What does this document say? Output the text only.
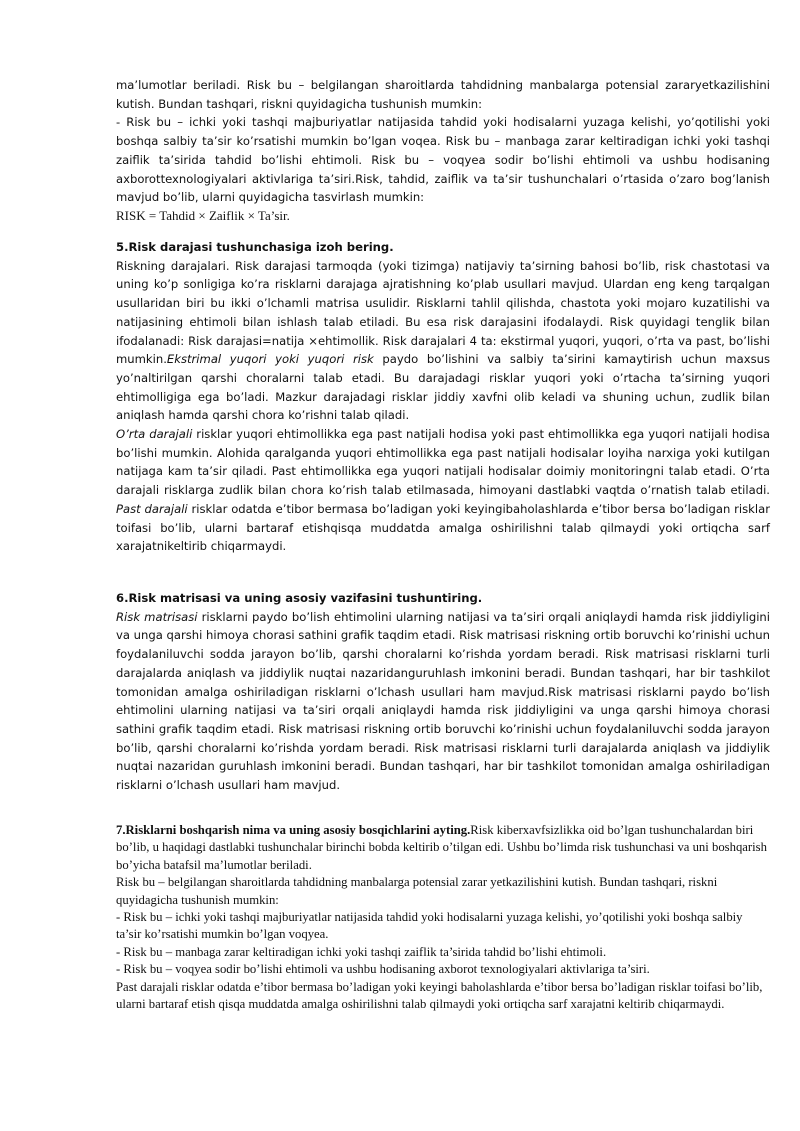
ma’lumotlar beriladi. Risk bu – belgilangan sharoitlarda tahdidning manbalarga potensial zararyetkazilishini kutish. Bundan tashqari, riskni quyidagicha tushunish mumkin:

- Risk bu – ichki yoki tashqi majburiyatlar natijasida tahdid yoki hodisalarni yuzaga kelishi, yo’qotilishi yoki boshqa salbiy ta’sir ko’rsatishi mumkin bo’lgan voqea. Risk bu – manbaga zarar keltiradigan ichki yoki tashqi zaiflik ta’sirida tahdid bo’lishi ehtimoli. Risk bu – voqyea sodir bo’lishi ehtimoli va ushbu hodisaning axborottexnologiyalari aktivlariga ta’siri.Risk, tahdid, zaiflik va ta’sir tushunchalari o’rtasida o’zaro bog’lanish mavjud bo’lib, ularni quyidagicha tasvirlash mumkin:

RISK = Tahdid × Zaiflik × Ta’sir.

5.Risk darajasi tushunchasiga izoh bering.

Riskning darajalari. Risk darajasi tarmoqda (yoki tizimga) natijaviy ta’sirning bahosi bo’lib, risk chastotasi va uning ko’p sonligiga ko’ra risklarni darajaga ajratishning ko’plab usullari mavjud. Ulardan eng keng tarqalgan usullaridan biri bu ikki o’lchamli matrisa usulidir. Risklarni tahlil qilishda, chastota yoki mojaro kuzatilishi va natijasining ehtimoli bilan ishlash talab etiladi. Bu esa risk darajasini ifodalaydi. Risk quyidagi tenglik bilan ifodalanadi: Risk darajasi=natija ×ehtimollik. Risk darajalari 4 ta: ekstirmal yuqori, yuqori, o’rta va past, bo’lishi mumkin.Ekstrimal yuqori yoki yuqori risk paydo bo’lishini va salbiy ta’sirini kamaytirish uchun maxsus yo’naltirilgan qarshi choralarni talab etadi. Bu darajadagi risklar yuqori yoki o’rtacha ta’sirning yuqori ehtimolligiga ega bo’ladi. Mazkur darajadagi risklar jiddiy xavfni olib keladi va shuning uchun, zudlik bilan aniqlash hamda qarshi chora ko’rishni talab qiladi.

O’rta darajali risklar yuqori ehtimollikka ega past natijali hodisa yoki past ehtimollikka ega yuqori natijali hodisa bo’lishi mumkin. Alohida qaralganda yuqori ehtimollikka ega past natijali hodisalar loyiha narxiga yoki kutilgan natijaga kam ta’sir qiladi. Past ehtimollikka ega yuqori natijali hodisalar doimiy monitoringni talab etadi. O’rta darajali risklarga zudlik bilan chora ko’rish talab etilmasada, himoyani dastlabki vaqtda o’rnatish talab etiladi. Past darajali risklar odatda e’tibor bermasa bo’ladigan yoki keyingibaholashlarda e’tibor bersa bo’ladigan risklar toifasi bo’lib, ularni bartaraf etishqisqa muddatda amalga oshirilishni talab qilmaydi yoki ortiqcha sarf xarajatnikeltirib chiqarmaydi.

6.Risk matrisasi va uning asosiy vazifasini tushuntiring.

Risk matrisasi risklarni paydo bo’lish ehtimolini ularning natijasi va ta’siri orqali aniqlaydi hamda risk jiddiyligini va unga qarshi himoya chorasi sathini grafik taqdim etadi. Risk matrisasi riskning ortib boruvchi ko’rinishi uchun foydalaniluvchi sodda jarayon bo’lib, qarshi choralarni ko’rishda yordam beradi. Risk matrisasi risklarni turli darajalarda aniqlash va jiddiylik nuqtai nazaridanguruhlash imkonini beradi. Bundan tashqari, har bir tashkilot tomonidan amalga oshiriladigan risklarni o’lchash usullari ham mavjud.Risk matrisasi risklarni paydo bo’lish ehtimolini ularning natijasi va ta’siri orqali aniqlaydi hamda risk jiddiyligini va unga qarshi himoya chorasi sathini grafik taqdim etadi. Risk matrisasi riskning ortib boruvchi ko’rinishi uchun foydalaniluvchi sodda jarayon bo’lib, qarshi choralarni ko’rishda yordam beradi. Risk matrisasi risklarni turli darajalarda aniqlash va jiddiylik nuqtai nazaridan guruhlash imkonini beradi. Bundan tashqari, har bir tashkilot tomonidan amalga oshiriladigan risklarni o’lchash usullari ham mavjud.

7.Risklarni boshqarish nima va uning asosiy bosqichlarini ayting.Risk kiberxavfsizlikka oid bo’lgan tushunchalardan biri bo’lib, u haqidagi dastlabki tushunchalar birinchi bobda keltirib o’tilgan edi. Ushbu bo’limda risk tushunchasi va uni boshqarish bo’yicha batafsil ma’lumotlar beriladi.

Risk bu – belgilangan sharoitlarda tahdidning manbalarga potensial zarar yetkazilishini kutish. Bundan tashqari, riskni quyidagicha tushunish mumkin:

- Risk bu – ichki yoki tashqi majburiyatlar natijasida tahdid yoki hodisalarni yuzaga kelishi, yo’qotilishi yoki boshqa salbiy ta’sir ko’rsatishi mumkin bo’lgan voqyea.

- Risk bu – manbaga zarar keltiradigan ichki yoki tashqi zaiflik ta’sirida tahdid bo’lishi ehtimoli.

- Risk bu – voqyea sodir bo’lishi ehtimoli va ushbu hodisaning axborot texnologiyalari aktivlariga ta’siri.

Past darajali risklar odatda e’tibor bermasa bo’ladigan yoki keyingi baholashlarda e’tibor bersa bo’ladigan risklar toifasi bo’lib, ularni bartaraf etish qisqa muddatda amalga oshirilishni talab qilmaydi yoki ortiqcha sarf xarajatni keltirib chiqarmaydi.
